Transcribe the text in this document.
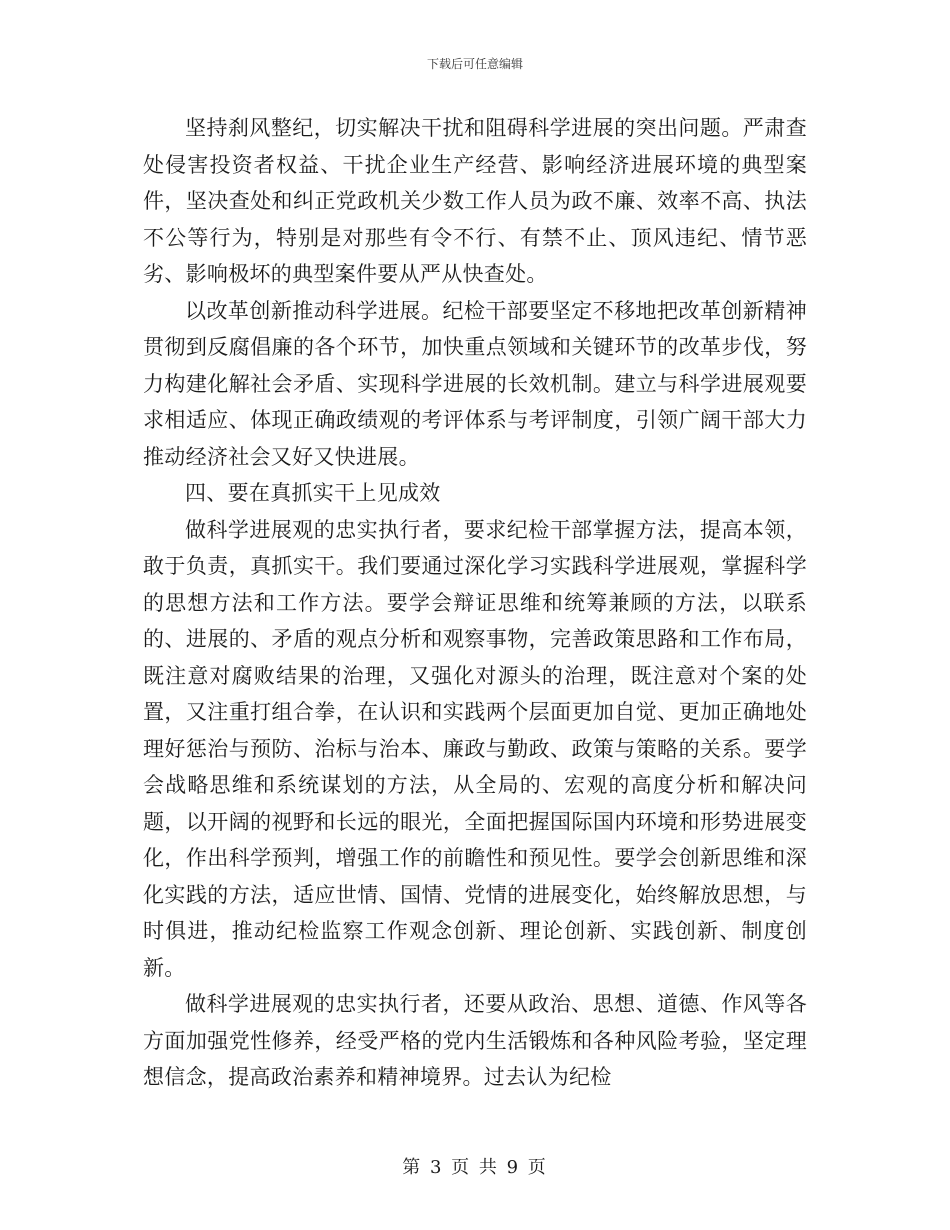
下载后可任意编辑

坚持刹风整纪，切实解决干扰和阻碍科学进展的突出问题。严肃查处侵害投资者权益、干扰企业生产经营、影响经济进展环境的典型案件，坚决查处和纠正党政机关少数工作人员为政不廉、效率不高、执法不公等行为，特别是对那些有令不行、有禁不止、顶风违纪、情节恶劣、影响极坏的典型案件要从严从快查处。

以改革创新推动科学进展。纪检干部要坚定不移地把改革创新精神贯彻到反腐倡廉的各个环节，加快重点领域和关键环节的改革步伐，努力构建化解社会矛盾、实现科学进展的长效机制。建立与科学进展观要求相适应、体现正确政绩观的考评体系与考评制度，引领广阔干部大力推动经济社会又好又快进展。

四、要在真抓实干上见成效

做科学进展观的忠实执行者，要求纪检干部掌握方法，提高本领，敢于负责，真抓实干。我们要通过深化学习实践科学进展观，掌握科学的思想方法和工作方法。要学会辩证思维和统筹兼顾的方法，以联系的、进展的、矛盾的观点分析和观察事物，完善政策思路和工作布局，既注意对腐败结果的治理，又强化对源头的治理，既注意对个案的处置，又注重打组合拳，在认识和实践两个层面更加自觉、更加正确地处理好惩治与预防、治标与治本、廉政与勤政、政策与策略的关系。要学会战略思维和系统谋划的方法，从全局的、宏观的高度分析和解决问题，以开阔的视野和长远的眼光，全面把握国际国内环境和形势进展变化，作出科学预判，增强工作的前瞻性和预见性。要学会创新思维和深化实践的方法，适应世情、国情、党情的进展变化，始终解放思想，与时俱进，推动纪检监察工作观念创新、理论创新、实践创新、制度创新。

做科学进展观的忠实执行者，还要从政治、思想、道德、作风等各方面加强党性修养，经受严格的党内生活锻炼和各种风险考验，坚定理想信念，提高政治素养和精神境界。过去认为纪检

第 3 页 共 9 页
